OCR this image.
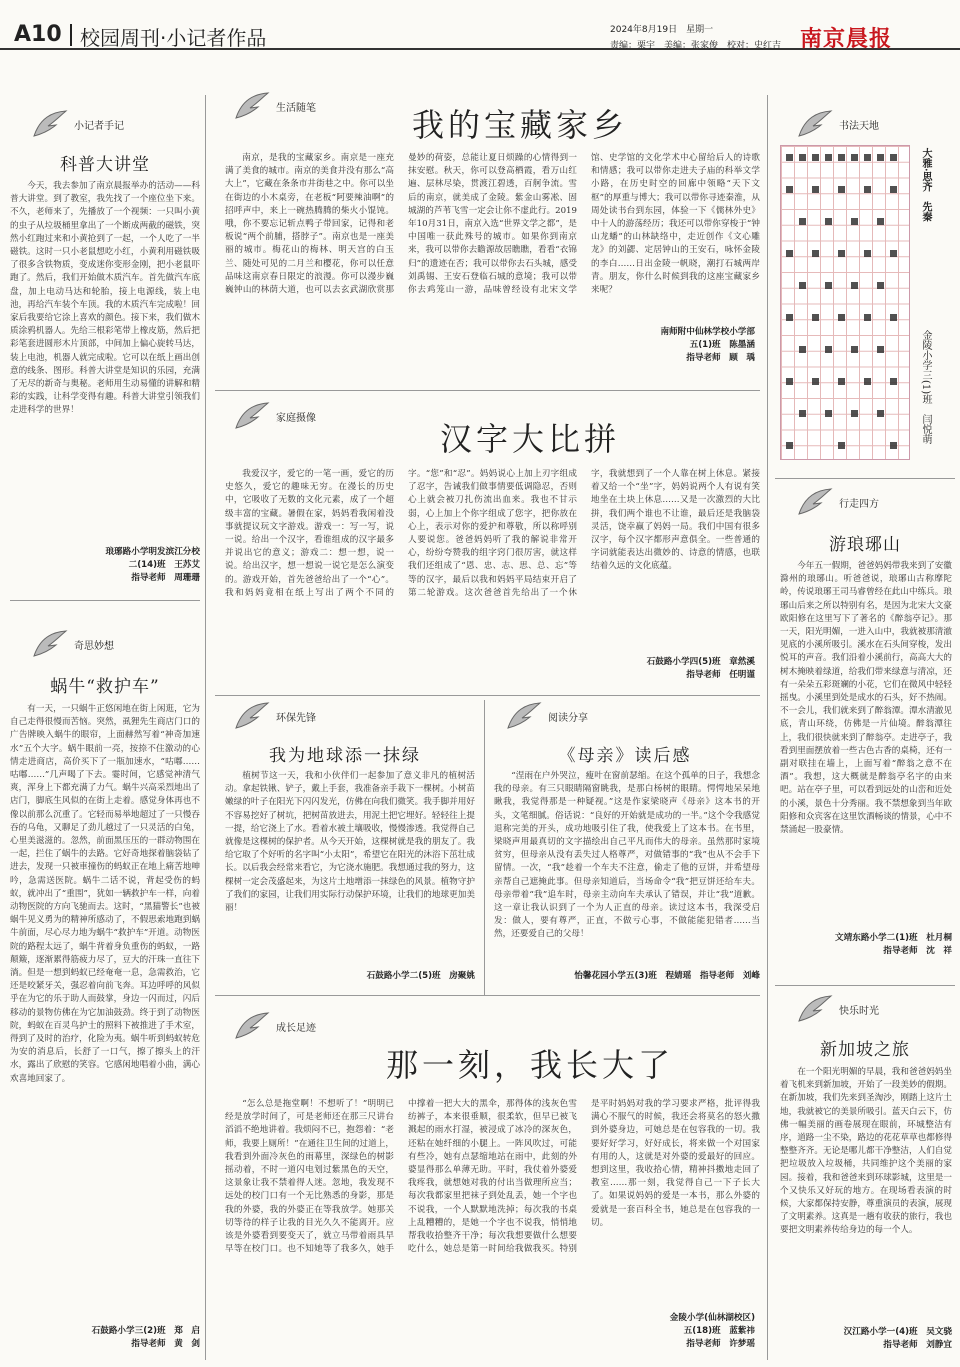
A10 校园周刊·小记者作品	2024年8月19日　星期一
责编：栗宇　美编：张家俊　校对：史红吉 南京晨报
小记者手记
科普大讲堂
今天，我去参加了南京晨报举办的活动——科普大讲堂。到了教室，我先找了一个座位坐下来。不久，老师来了，先播放了一个视频：一只叫小黄的虫子从垃圾桶里拿出了一个断成两截的磁铁，突然小红跑过来和小黄抢到了一起，一个人吃了一半磁铁。这时一只小老鼠想吃小红，小黄利用磁铁吸了很多含铁物质，变成迷你变形金刚，把小老鼠吓跑了。然后，我们开始做木质汽车。首先做汽车底盘，加上电动马达和轮胎，接上电源线，装上电池，再给汽车装个车顶。我的木质汽车完成啦！回家后我要给它涂上喜欢的颜色。接下来，我们做木质涂鸦机器人。先给三根彩笔带上橡皮筋，然后把彩笔套进圆形木片顶部，中间加上偏心旋转马达，装上电池，机器人就完成啦。它可以在纸上画出创意的线条、图形。科普大讲堂是知识的乐园，充满了无尽的新奇与奥秘。老师用生动易懂的讲解和精彩的实践，让科学变得有趣。科普大讲堂引领我们走进科学的世界！
琅琊路小学明发滨江分校
二(14)班　王苏艾
指导老师　周珊珊
奇思妙想
蜗牛“救护车”
有一天，一只蜗牛正悠闲地在街上闲逛，它为自己走得很慢而苦恼。突然，虱狸先生商店门口的广告牌映入蜗牛的眼帘，上面赫然写着“神奇加速水”五个大字。蜗牛眼前一亮，按捺不住激动的心情走进商店，高价买下了一瓶加速水，“咕嘟……咕嘟……”几声喝了下去。霎时间，它感觉神清气爽，浑身上下都充满了力气。蜗牛兴高采烈地出了店门，脚底生风似的在街上走着。感觉身体再也不像以前那么沉重了。它轻而易举地超过了一只慢吞吞的乌龟，又聊足了劲儿越过了一只灵活的白兔，心里美滋滋的。忽然，前面黑压压的一群动物围在一起，拦住了蜗牛的去路。它好奇地探着脑袋钻了进去，发现一只被車撞伤的蚂蚁正在地上痛苦地呻吟，急需送医院。蜗牛二话不说，背起受伤的蚂蚁，就冲出了“重围”，犹如一辆救护车一样，向着动物医院的方向飞驰而去。这时，“黑猫警长”也被蜗牛见义勇为的精神所感动了，不假思索地跑到蜗牛前面，尽心尽力地为蜗牛“救护车”开道。动物医院的路程太远了，蜗牛背着身负重伤的蚂蚁，一路颠簸，逐渐累得筋疲力尽了，豆大的汗珠一直往下淌。但是一想到蚂蚁已经奄奄一息，急需救治，它还是咬紧牙关，强忍着向前飞奔。耳边呼呼的风似乎在为它的乐于助人而鼓掌，身边一闪而过，闪后移动的景物仿佛在为它加油鼓劲。终于到了动物医院，蚂蚁在百灵鸟护士的照料下被推进了手术室，得到了及时的治疗，化险为夷。蜗牛听到蚂蚁转危为安的消息后，长舒了一口气，擦了擦头上的汗水，露出了欣慰的笑容。它感闲地唱着小曲，满心欢喜地回家了。
石鼓路小学三(2)班　郑　启
指导老师　黄　剑
生活随笔	我的宝藏家乡
南京，是我的宝藏家乡。南京是一座充满了美食的城市。南京的美食并没有那么“高大上”，它藏在条条市井街巷之中。你可以坐在街边的小木桌旁，在老板“阿要辣油啊”的招呼声中，来上一碗热腾腾的柴火小馄饨。哦，你不要忘记斩点鸭子带回家，记得和老板说“两个前脯，搭脖子”。南京也是一座美丽的城市。梅花山的梅林、明天宫的白玉兰、随处可见的二月兰和樱花，你可以任意品味这南京春日限定的浪漫。你可以漫步巍巍钟山的林荫大道，也可以去玄武湖欣赏那曼妙的荷姿，总能让夏日烦躁的心情得到一抹安慰。秋天，你可以登高栖霞，看万山红遍、层林尽染，贯渡江碧透，百舸争流。雪后的南京，就美成了金陵。紫金山雾凇、固城湖的芦苇飞雪一定会让你不虚此行。2019年10月31日，南京入选“世界文学之都”，是中国唯一获此殊号的城市。如果你到南京来，我可以带你去瞻源故居瞧瞧，看看“衣锦归”的遗迹在否；我可以带你去石头城，感受刘禹锡、王安石登临石城的意境；我可以带你去鸡笼山一游，品味曾经设有北宋文学馆、史学馆的文化学术中心留给后人的诗歌和情感；我可以带你走进夫子庙的科举文学小路，在历史时空的回廊中领略“天下文枢”的厚重与博大；我可以带你寻迹秦淮，从周处读书台到东园，体验一下《儒林外史》中十人的游荡经历；我还可以带你穿梭于“钟山龙蟠”的山林缺络中，走近创作《文心雕龙》的刘勰、定居钟山的王安石，咏怀金陵的李白……日出金陵一帆晓，潮打石城两岸青。朋友，你什么时候到我的这座宝藏家乡来呢？
南师附中仙林学校小学部
五(1)班　陈墨涵
指导老师　顾　瑀
家庭摄像
汉字大比拼
我爱汉字，爱它的一笔一画，爱它的历史悠久，爱它的趣味无穷。在漫长的历史中，它吸收了无数的文化元素，成了一个超级丰富的宝藏。暑假在家，妈妈看我闲着没事就提议玩文字游戏。游戏一：写一写，说一说。给出一个汉字，看谁组成的汉字最多并说出它的意义；游戏二：想一想，说一说。给出汉字，想一想说一说它是怎么演变的。游戏开始，首先爸爸给出了一个“心”。我和妈妈竟相在纸上写出了两个不同的字。“您”和“忍”。妈妈说心上加上刃字组成了忍字，告诫我们做事情要低调隐忍，否则心上就会被刀扎伤流出血来。我也不甘示弱，心上加上个你字组成了您字，把你放在心上，表示对你的爱护和尊敬，所以称呼别人要说您。爸爸妈妈听了我的解说非常开心，纷纷夸赞我的组字窍门很厉害，就这样我们还组成了“恩、忠、志、思、总、忘”等等的汉字，最后以我和妈妈平局结束开启了第二轮游戏。这次爸爸首先给出了一个休字，我就想到了一个人靠在树上休息。紧接着又给一个“坐”字，妈妈说两个人有说有笑地坐在土块上休息……又是一次激烈的大比拼，我们两个谁也不让谁，最后还是我脑袋灵活，饶幸赢了妈妈一局。我们中国有很多汉字，每个汉字都形声意俱全。一些普通的字词就能表达出微妙的、诗意的情感，也联结着久远的文化底蕴。
石鼓路小学四(5)班　章然溪
指导老师　任明谨
环保先锋
我为地球添一抹绿
植树节这一天，我和小伙伴们一起参加了意义非凡的植树活动。拿起铁锹、铲子，戴上手套，我准备亲手栽下一棵树。小树苗嫩绿的叶子在阳光下闪闪发光，仿佛在向我们微笑。我手脚并用好不容易挖好了树坑，把树苗放进去，用泥土把它埋好。轻轻往上提一提，给它浇上了水。看着水被土壤吸收，慢慢渗透。我觉得自己就像是这棵树的保护者。从今天开始，这棵树就是我的朋友了。我给它取了个好听的名字叫“小太阳”，希望它在阳光的沐浴下茁壮成长。以后我会经常来看它，为它浇水施肥。我想通过我的努力，这棵树一定会茂盛起来，为这片土地增添一抹绿色的风景。植物守护了我们的家园，让我们用实际行动保护环境，让我们的地球更加美丽！
石鼓路小学二(5)班　房聚姚
阅读分享
《母亲》读后感
“涅雨在户外哭泣，瘦叶在窗前瑟缩。在这个孤单的日子，我想念我的母亲。有三只眼睛隔窗眺我，是那白杨树的眼睛。愕愕地呆呆地瞅我，我觉得那是一种疑视。”这是作家梁晓声《母亲》这本书的开头，文笔细腻。俗话说：“良好的开始就是成功的一半。”这个令我感觉退称完美的开头，成功地吸引住了我，使我爱上了这本书。在书里，梁晓声用最真切的文字描绘出自己平凡而伟大的母亲。虽然那时家境贫穷，但母亲从没有丢失过人格尊严，对做错事的“我”也从不会手下留情。一次，“我”趁着一个车夫不注意，偷走了他的豆饼，并希望母亲帮自己遮掩此事。但母亲知道后，当场命令“我”把豆饼还给车夫。母亲带着“我”追车时，母亲主动向车夫承认了错误，并让“我”道歉。这一章让我认识到了一个为人正直的母亲。读过这本书，我深受启发：做人，要有尊严，正直，不做亏心事，不做能能犯错者……当然，还要爱自己的父母！
怡馨花园小学五(3)班　程婧瑶　指导老师　刘峰
成长足迹
那一刻，我长大了
“怎么总是拖堂啊！不想听了！”明明已经是放学时间了，可是老师还在那三尺讲台滔滔不绝地讲着。我烦闷不已，抱怨着：“老师，我要上厕所！”在通往卫生间的过道上，我看到外面冷灰色的雨幕里，深绿色的树影摇动着，不时一道闪电划过紫黑色的天空，这景象让我不禁着得人迷。忽地，我发现不远处的校门口有一个无比熟悉的身影，那是我的外婆，我的外婆正在等我放学。她那关切等待的样子让我的目光久久不能离开。应该是外婆看到要变天了，就立马带着雨具早早等在校门口。也不知她等了我多久，她手中撑着一把大大的黑伞，那得体的浅灰色雪纺裤子，本来很垂顺，很柔软，但早已被飞溅起的雨水打湿，被浸成了冰冷的深灰色，还粘在她纤细的小腿上。一阵风吹过，可能有些冷，她有点瑟缩地站在雨中，此刻的外婆显得那么单薄无助。平时，我仗着外婆爱我疼我，就想她对我的付出当做理所应当；每次我都家里把袜子到处乱丢，她一个字也不说我，一个人默默地洗掉；每次我的书桌上乱糟糟的，是她一个字也不说我，悄悄地帮我收拾整齐干净；每次我想要做什么想要吃什么，她总是第一时间给我做我买。特别是平时妈妈对我的学习要求严格，批评得我满心不服气的时候，我还会将莫名的怒火撒到外婆身边，可她总是在包容我的一切。我要好好学习，好好成长，将来做一个对国家有用的人，这就是对外婆的爱最好的回应。想到这里，我收拾心情，精神抖擞地走回了教室……那一刻，我觉得自己一下子长大了。如果说妈妈的爱是一本书，那么外婆的爱就是一套百科全书，她总是在包容我的一切。
金陵小学(仙林湖校区)
五(18)班　蓝紫祎
指导老师　许梦瑶
书法天地
大雅·思齐　先秦
金陵小学三(1)班　闫悦萌
行走四方
游琅琊山
今年五一假期，爸爸妈妈带我来到了安徽滁州的琅琊山。听爸爸说，琅琊山古称摩陀岭，传说琅琊王司马睿曾经在此山中练兵。琅琊山后来之所以特别有名，是因为北宋大文豪欧阳修在这里写下了著名的《醉翁亭记》。那一天，阳光明媚，一进入山中，我就被那清澈见底的小溪所吸引。溪水在石头间穿梭，发出悦耳的声音。我们沿着小溪前行，高高大大的树木掩映着绿道，给我们带来绿意与清凉，还有一朵朵五彩斑斓的小花，它们在微风中轻轻摇曳。小溪里到处是成水的石头，好不热闹。不一会儿，我们就来到了醉翁潭。潭水清澈见底，青山环绕，仿佛是一片仙境。醉翁潭往上，我们很快就来到了醉翁亭。走进亭子，我看到里面摆放着一些古色古香的桌椅，还有一副对联挂在墙上，上面写着“醉翁之意不在酒”。我想，这大概就是醉翁亭名字的由来吧。站在亭子里，可以看到远处的山峦和近处的小溪，景色十分秀丽。我不禁想象到当年欧阳修和众宾客在这里饮酒畅谈的情景，心中不禁涌起一股豪情。
文靖东路小学二(1)班　杜月桐
指导老师　沈　祥
快乐时光
新加坡之旅
在一个阳光明媚的早晨，我和爸爸妈妈坐着飞机来到新加坡，开始了一段美妙的假期。在新加坡，我们先来到圣淘沙，刚踏上这片土地，我就被它的美景所吸引。蓝天白云下，仿佛一幅美丽的画卷展现在眼前，环城整洁有序，道路一尘不染，路边的花花草草也都修得整整齐齐。无论是哪儿都干净整洁，人们自觉把垃圾放入垃圾桶，共同维护这个美丽的家园。接着，我和爸爸来到环球影城，这里是一个又快乐又好玩的地方。在现场看表演的时候，大家都保持安静，尊重演员的表演，展现了文明素养。这真是一趟有收获的旅行，我也要把文明素养传给身边的每一个人。
汉江路小学一(4)班　吴文骁
指导老师　刘静宜
